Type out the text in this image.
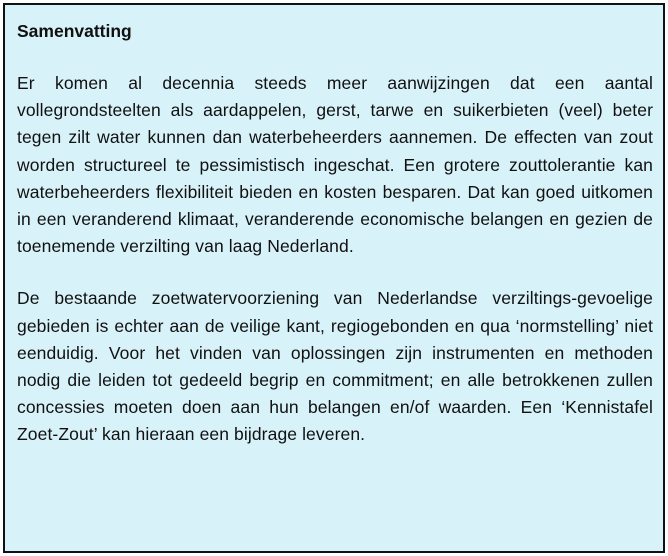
Samenvatting

Er komen al decennia steeds meer aanwijzingen dat een aantal vollegrondsteelten als aardappelen, gerst, tarwe en suikerbieten (veel) beter tegen zilt water kunnen dan waterbeheerders aannemen. De effecten van zout worden structureel te pessimistisch ingeschat. Een grotere zouttolerantie kan waterbeheerders flexibiliteit bieden en kosten besparen. Dat kan goed uitkomen in een veranderend klimaat, veranderende economische belangen en gezien de toenemende verzilting van laag Nederland.

De bestaande zoetwatervoorziening van Nederlandse verziltings-gevoelige gebieden is echter aan de veilige kant, regiogebonden en qua ‘normstelling’ niet eenduidig. Voor het vinden van oplossingen zijn instrumenten en methoden nodig die leiden tot gedeeld begrip en commitment; en alle betrokkenen zullen concessies moeten doen aan hun belangen en/of waarden. Een ‘Kennistafel Zoet-Zout’ kan hieraan een bijdrage leveren.
